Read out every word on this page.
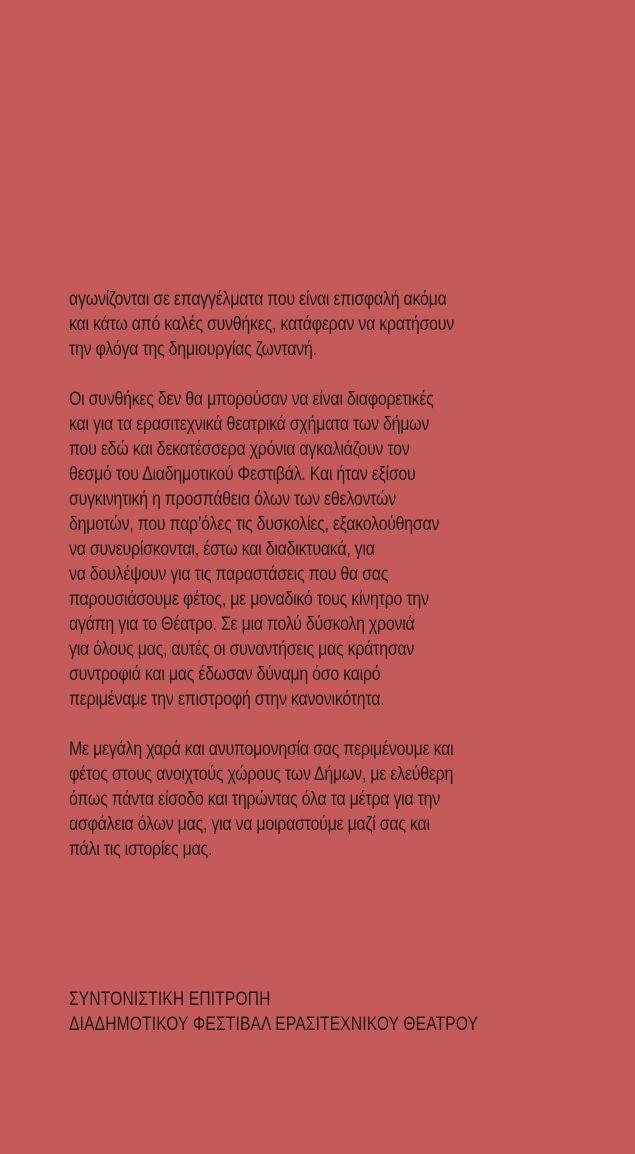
αγωνίζονται σε επαγγέλματα που είναι επισφαλή ακόμα
και κάτω από καλές συνθήκες, κατάφεραν να κρατήσουν
την φλόγα της δημιουργίας ζωντανή.
Οι συνθήκες δεν θα μπορούσαν να είναι διαφορετικές
και για τα ερασιτεχνικά θεατρικά σχήματα των δήμων
που εδώ και δεκατέσσερα χρόνια αγκαλιάζουν τον
θεσμό του Διαδημοτικού Φεστιβάλ. Και ήταν εξίσου
συγκινητική η προσπάθεια όλων των εθελοντών
δημοτών, που παρ’όλες τις δυσκολίες, εξακολούθησαν
να συνευρίσκονται, έστω και διαδικτυακά, για
να δουλέψουν για τις παραστάσεις που θα σας
παρουσιάσουμε φέτος, με μοναδικό τους κίνητρο την
αγάπη για το Θέατρο. Σε μια πολύ δύσκολη χρονιά
για όλους μας, αυτές οι συναντήσεις μας κράτησαν
συντροφιά και μας έδωσαν δύναμη όσο καιρό
περιμέναμε την επιστροφή στην κανονικότητα.
Με μεγάλη χαρά και ανυπομονησία σας περιμένουμε και
φέτος στους ανοιχτούς χώρους των Δήμων, με ελεύθερη
όπως πάντα είσοδο και τηρώντας όλα τα μέτρα για την
ασφάλεια όλων μας, για να μοιραστούμε μαζί σας και
πάλι τις ιστορίες μας.
ΣΥΝΤΟΝΙΣΤΙΚΗ ΕΠΙΤΡΟΠΗ
ΔΙΑΔΗΜΟΤΙΚΟΥ ΦΕΣΤΙΒΑΛ ΕΡΑΣΙΤΕΧΝΙΚΟΥ ΘΕΑΤΡΟΥ
